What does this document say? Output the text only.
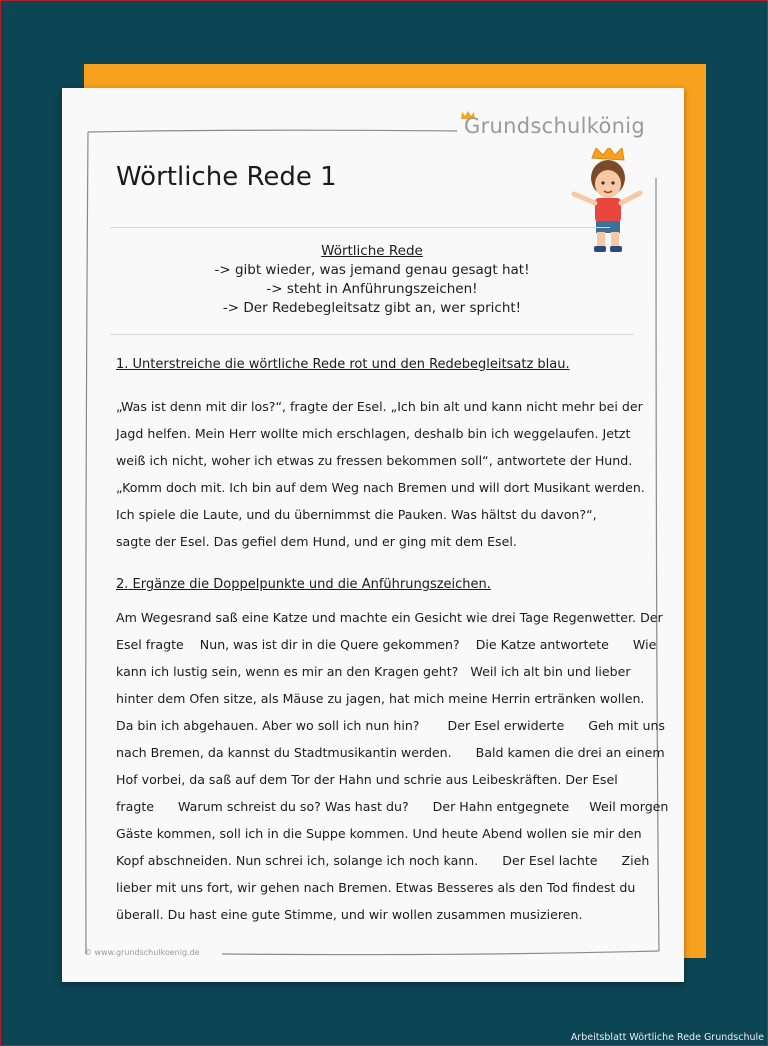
Grundschulkönig
Wörtliche Rede 1
Wörtliche Rede
-> gibt wieder, was jemand genau gesagt hat!
-> steht in Anführungszeichen!
-> Der Redebegleitsatz gibt an, wer spricht!
1. Unterstreiche die wörtliche Rede rot und den Redebegleitsatz blau.
„Was ist denn mit dir los?“, fragte der Esel. „Ich bin alt und kann nicht mehr bei der
Jagd helfen. Mein Herr wollte mich erschlagen, deshalb bin ich weggelaufen. Jetzt
weiß ich nicht, woher ich etwas zu fressen bekommen soll“, antwortete der Hund.
„Komm doch mit. Ich bin auf dem Weg nach Bremen und will dort Musikant werden.
Ich spiele die Laute, und du übernimmst die Pauken. Was hältst du davon?“,
sagte der Esel. Das gefiel dem Hund, und er ging mit dem Esel.
2. Ergänze die Doppelpunkte und die Anführungszeichen.
Am Wegesrand saß eine Katze und machte ein Gesicht wie drei Tage Regenwetter. Der
Esel fragte    Nun, was ist dir in die Quere gekommen?    Die Katze antwortete      Wie
kann ich lustig sein, wenn es mir an den Kragen geht?   Weil ich alt bin und lieber
hinter dem Ofen sitze, als Mäuse zu jagen, hat mich meine Herrin ertränken wollen.
Da bin ich abgehauen. Aber wo soll ich nun hin?       Der Esel erwiderte      Geh mit uns
nach Bremen, da kannst du Stadtmusikantin werden.      Bald kamen die drei an einem
Hof vorbei, da saß auf dem Tor der Hahn und schrie aus Leibeskräften. Der Esel
fragte      Warum schreist du so? Was hast du?      Der Hahn entgegnete     Weil morgen
Gäste kommen, soll ich in die Suppe kommen. Und heute Abend wollen sie mir den
Kopf abschneiden. Nun schrei ich, solange ich noch kann.      Der Esel lachte      Zieh
lieber mit uns fort, wir gehen nach Bremen. Etwas Besseres als den Tod findest du
überall. Du hast eine gute Stimme, und wir wollen zusammen musizieren.
© www.grundschulkoenig.de
Arbeitsblatt Wörtliche Rede Grundschule
